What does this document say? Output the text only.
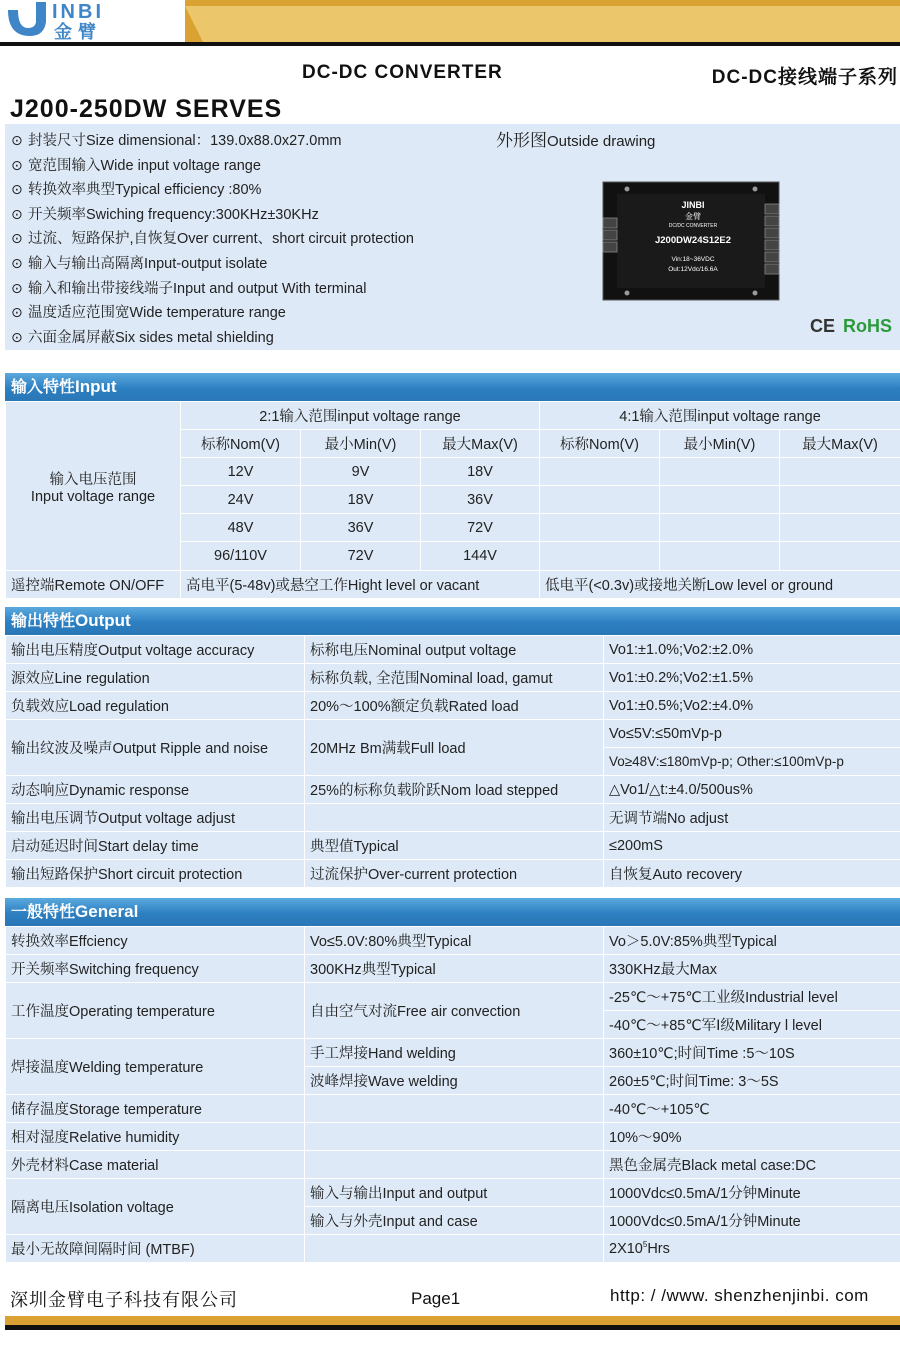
INBI
金臂
DC-DC CONVERTER	DC-DC接线端子系列
J200-250DW SERVES
⊙ 封装尺寸Size dimensional：139.0x88.0x27.0mm
⊙ 宽范围输入Wide input voltage range
⊙ 转换效率典型Typical efficiency :80%
⊙ 开关频率Swiching frequency:300KHz±30KHz
⊙ 过流、短路保护,自恢复Over current、short circuit protection
⊙ 输入与输出高隔离Input-output isolate
⊙ 输入和输出带接线端子Input and output With terminal
⊙ 温度适应范围宽Wide temperature range
⊙ 六面金属屏蔽Six sides metal shielding
外形图Outside drawing
JINBI
金臂
DC/DC CONVERTER
J200DW24S12E2
Vin:18~36VDC
Out:12Vdc/16.6A
CE RoHS
输入特性Input
输入电压范围
Input voltage range	2:1输入范围input voltage range			4:1输入范围input voltage range		
	标称Nom(V)	最小Min(V)	最大Max(V)	标称Nom(V)	最小Min(V)	最大Max(V)
	12V	9V	18V			
	24V	18V	36V			
	48V	36V	72V			
	96/110V	72V	144V			
遥控端Remote ON/OFF	高电平(5-48v)或悬空工作Hight level or vacant			低电平(<0.3v)或接地关断Low level or ground		
输出特性Output
输出电压精度Output voltage accuracy	标称电压Nominal output voltage	Vo1:±1.0%;Vo2:±2.0%
源效应Line regulation	标称负载, 全范围Nominal load, gamut	Vo1:±0.2%;Vo2:±1.5%
负载效应Load regulation	20%～100%额定负载Rated load	Vo1:±0.5%;Vo2:±4.0%
输出纹波及噪声Output Ripple and noise	20MHz Bm满载Full load	Vo≤5V:≤50mVp-p
		Vo≥48V:≤180mVp-p; Other:≤100mVp-p
动态响应Dynamic response	25%的标称负载阶跃Nom load stepped	△Vo1/△t:±4.0/500us%
输出电压调节Output voltage adjust		无调节端No adjust
启动延迟时间Start delay time	典型值Typical	≤200mS
输出短路保护Short circuit protection	过流保护Over-current protection	自恢复Auto recovery
一般特性General
转换效率Effciency	Vo≤5.0V:80%典型Typical	Vo＞5.0V:85%典型Typical
开关频率Switching frequency	300KHz典型Typical	330KHz最大Max
工作温度Operating temperature	自由空气对流Free air convection	-25℃～+75℃工业级Industrial level
		-40℃～+85℃军Ⅰ级Military l level
焊接温度Welding temperature	手工焊接Hand welding	360±10℃;时间Time :5～10S
	波峰焊接Wave welding	260±5℃;时间Time: 3～5S
储存温度Storage temperature		-40℃～+105℃
相对湿度Relative humidity		10%～90%
外壳材料Case material		黑色金属壳Black metal case:DC
隔离电压Isolation voltage	输入与输出Input and output	1000Vdc≤0.5mA/1分钟Minute
	输入与外壳Input and case	1000Vdc≤0.5mA/1分钟Minute
最小无故障间隔时间 (MTBF)		$2X10^5Hrs$
深圳金臂电子科技有限公司	Page1	http: / /www. shenzhenjinbi. com
